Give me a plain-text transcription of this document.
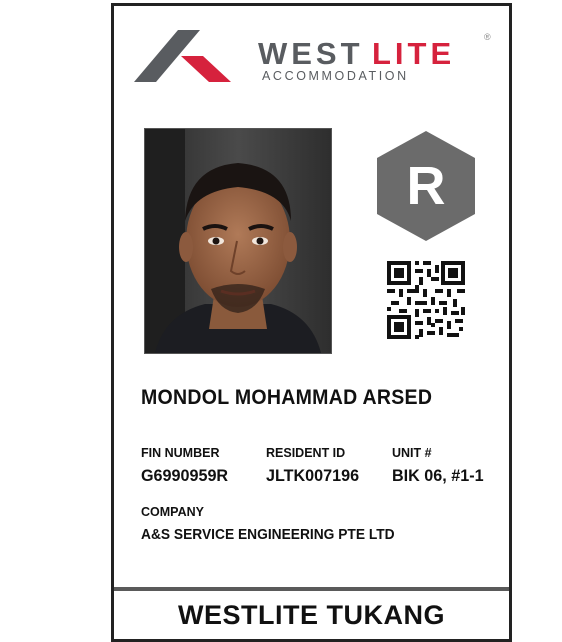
WEST LITE	®
ACCOMMODATION
R
MONDOL MOHAMMAD ARSED
FIN NUMBER
G6990959R
RESIDENT ID
JLTK007196
UNIT #
BIK 06, #1-1
COMPANY
A&S SERVICE ENGINEERING PTE LTD
WESTLITE TUKANG
